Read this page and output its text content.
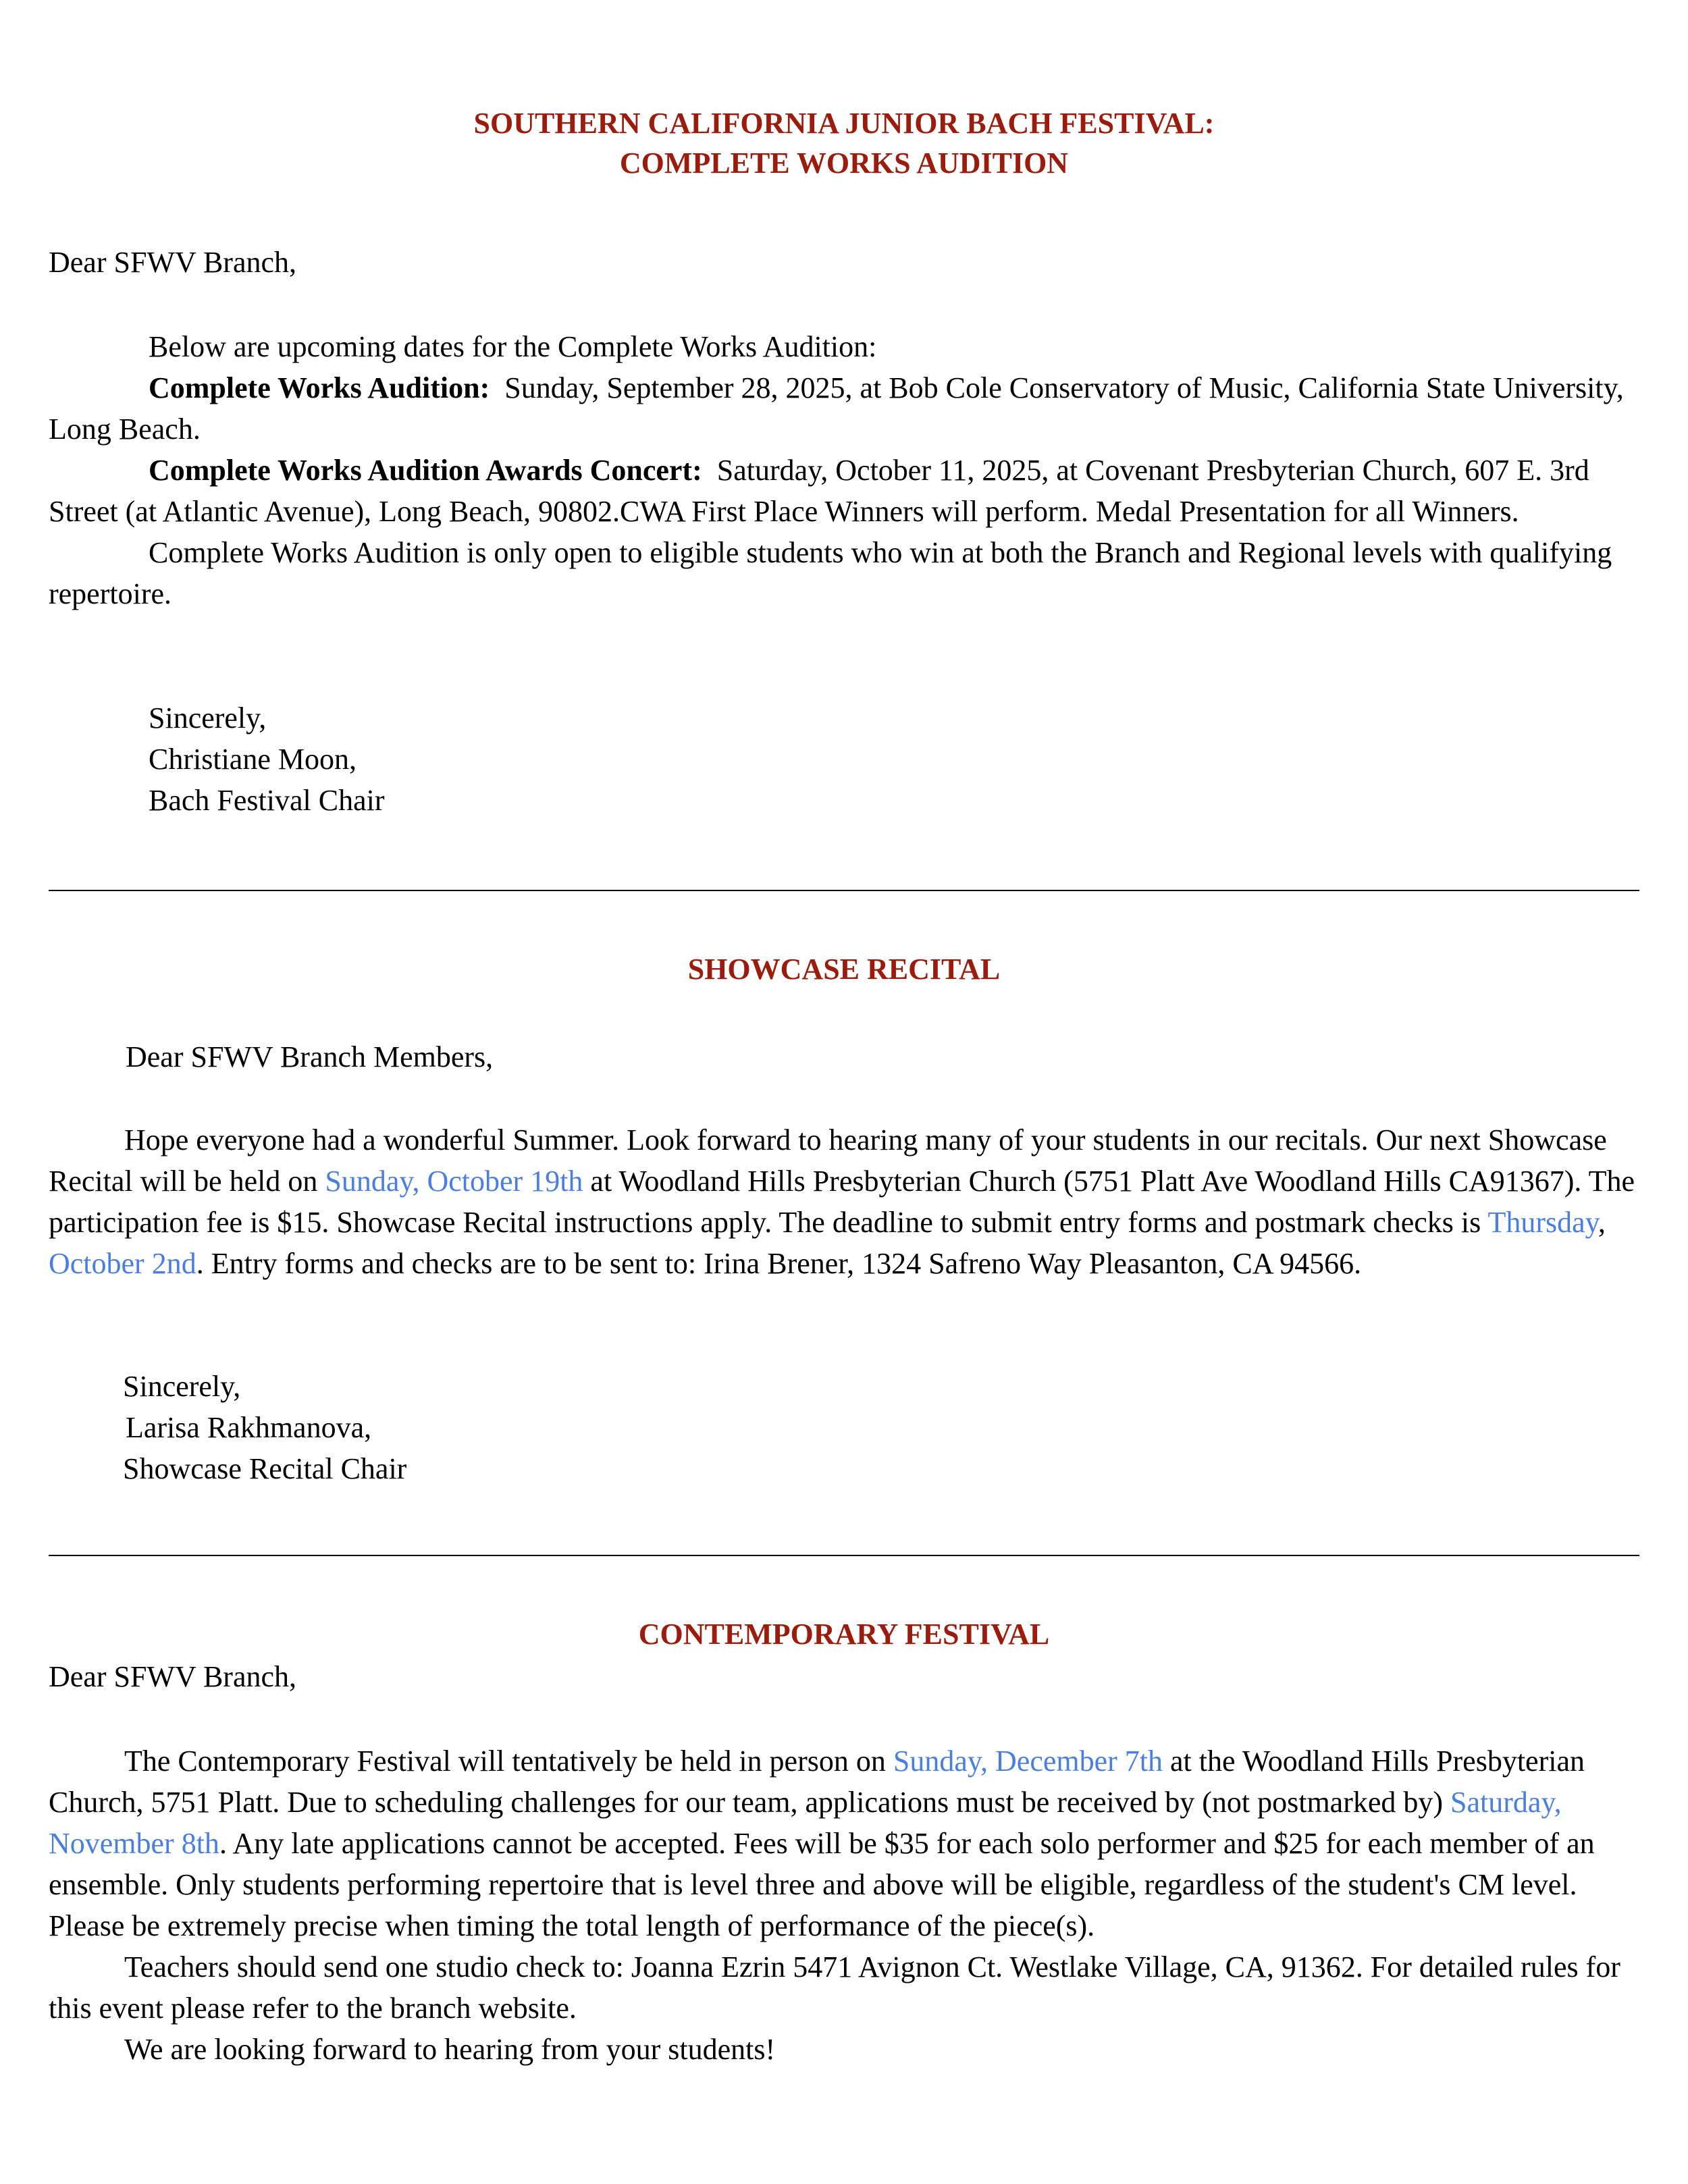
SOUTHERN CALIFORNIA JUNIOR BACH FESTIVAL:

COMPLETE WORKS AUDITION

Dear SFWV Branch,

Below are upcoming dates for the Complete Works Audition:

Complete Works Audition: Sunday, September 28, 2025, at Bob Cole Conservatory of Music, California State University, Long Beach.

Complete Works Audition Awards Concert: Saturday, October 11, 2025, at Covenant Presbyterian Church, 607 E. 3rd Street (at Atlantic Avenue), Long Beach, 90802.CWA First Place Winners will perform. Medal Presentation for all Winners.

Complete Works Audition is only open to eligible students who win at both the Branch and Regional levels with qualifying repertoire.

Sincerely,

Christiane Moon,

Bach Festival Chair

SHOWCASE RECITAL

Dear SFWV Branch Members,

Hope everyone had a wonderful Summer. Look forward to hearing many of your students in our recitals. Our next Showcase Recital will be held on Sunday, October 19th at Woodland Hills Presbyterian Church (5751 Platt Ave Woodland Hills CA91367). The participation fee is $15. Showcase Recital instructions apply. The deadline to submit entry forms and postmark checks is Thursday, October 2nd. Entry forms and checks are to be sent to: Irina Brener, 1324 Safreno Way Pleasanton, CA 94566.

Sincerely,

Larisa Rakhmanova,

Showcase Recital Chair

CONTEMPORARY FESTIVAL

Dear SFWV Branch,

The Contemporary Festival will tentatively be held in person on Sunday, December 7th at the Woodland Hills Presbyterian Church, 5751 Platt. Due to scheduling challenges for our team, applications must be received by (not postmarked by) Saturday, November 8th. Any late applications cannot be accepted. Fees will be $35 for each solo performer and $25 for each member of an ensemble. Only students performing repertoire that is level three and above will be eligible, regardless of the student's CM level. Please be extremely precise when timing the total length of performance of the piece(s).

Teachers should send one studio check to: Joanna Ezrin 5471 Avignon Ct. Westlake Village, CA, 91362. For detailed rules for this event please refer to the branch website.

We are looking forward to hearing from your students!
